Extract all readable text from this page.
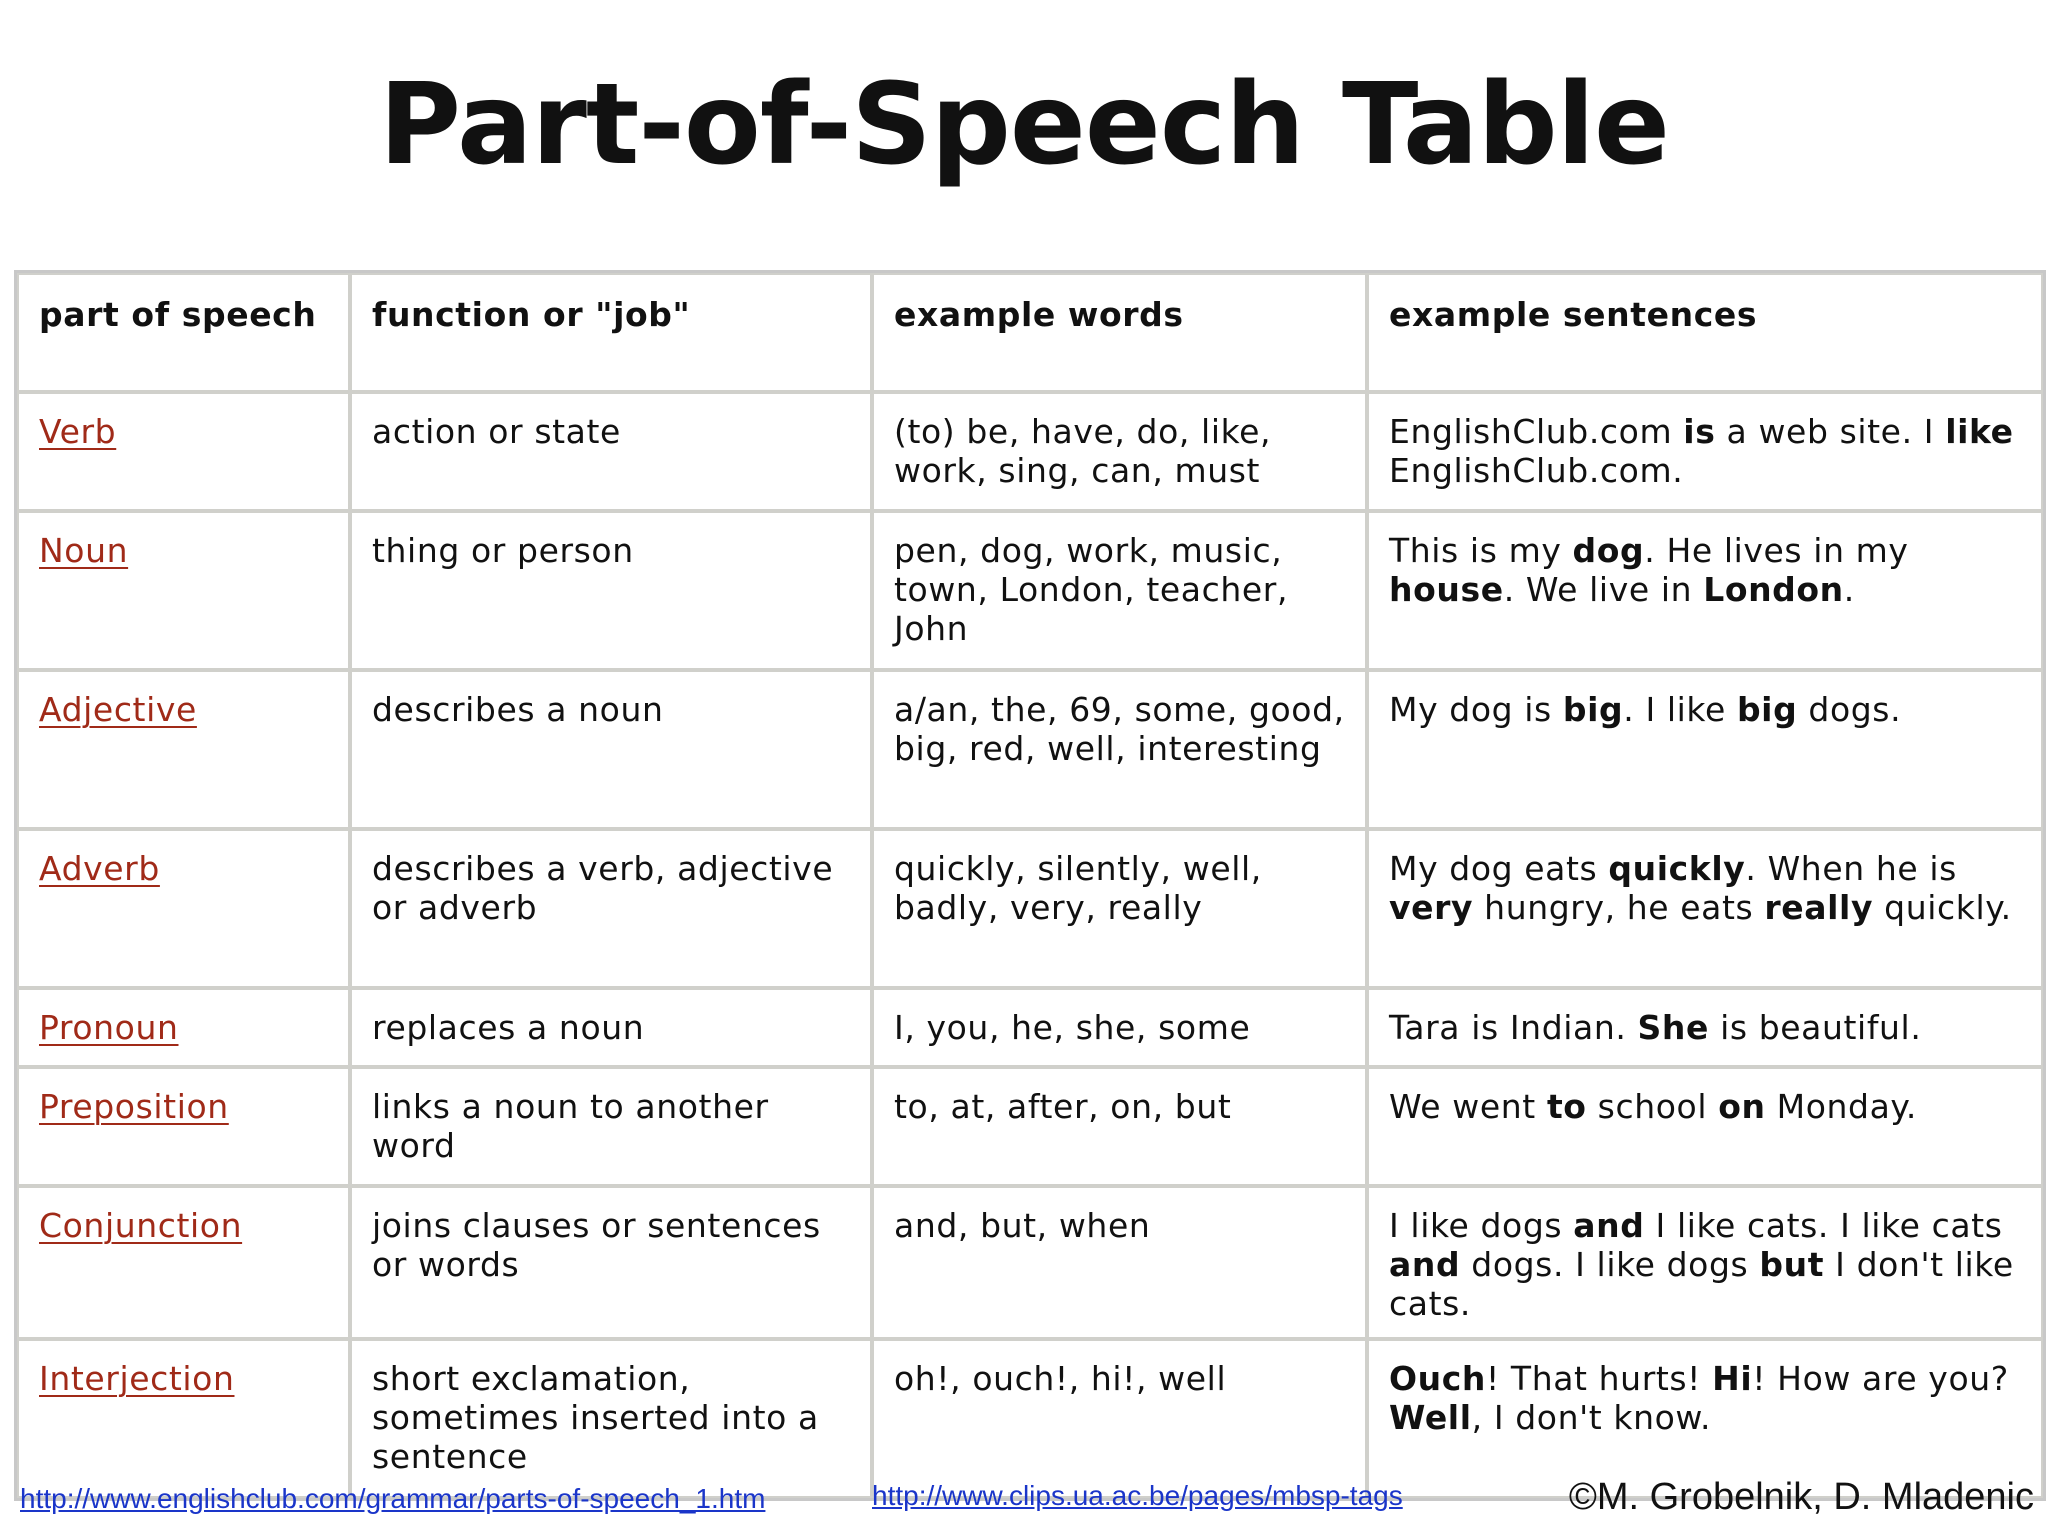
Part-of-Speech Table
part of speech	function or "job"	example words	example sentences
Verb	action or state	(to) be, have, do, like, work, sing, can, must	EnglishClub.com is a web site. I like EnglishClub.com.
Noun	thing or person	pen, dog, work, music, town, London, teacher, John	This is my dog. He lives in my house. We live in London.
Adjective	describes a noun	a/an, the, 69, some, good, big, red, well, interesting	My dog is big. I like big dogs.
Adverb	describes a verb, adjective or adverb	quickly, silently, well, badly, very, really	My dog eats quickly. When he is very hungry, he eats really quickly.
Pronoun	replaces a noun	I, you, he, she, some	Tara is Indian. She is beautiful.
Preposition	links a noun to another word	to, at, after, on, but	We went to school on Monday.
Conjunction	joins clauses or sentences or words	and, but, when	I like dogs and I like cats. I like cats and dogs. I like dogs but I don't like cats.
Interjection	short exclamation, sometimes inserted into a sentence	oh!, ouch!, hi!, well	Ouch! That hurts! Hi! How are you? Well, I don't know.
http://www.englishclub.com/grammar/parts-of-speech_1.htm	http://www.clips.ua.ac.be/pages/mbsp-tags	©M. Grobelnik, D. Mladenic
